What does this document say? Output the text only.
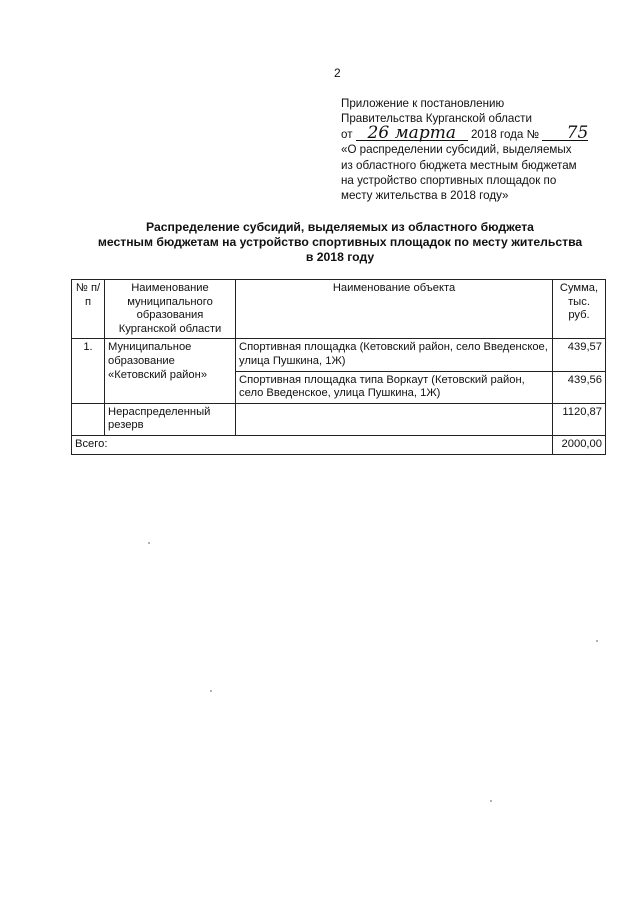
2
Приложение к постановлению
Правительства Курганской области
от 26 марта 2018 года № 75
«О распределении субсидий, выделяемых
из областного бюджета местным бюджетам
на устройство спортивных площадок по
месту жительства в 2018 году»
Распределение субсидий, выделяемых из областного бюджета
местным бюджетам на устройство спортивных площадок по месту жительства
в 2018 году
№ п/п	Наименование муниципального образования Курганской области	Наименование объекта	Сумма, тыс. руб.
1.	Муниципальное образование «Кетовский район»	Спортивная площадка (Кетовский район, село Введенское, улица Пушкина, 1Ж)	439,57
		Спортивная площадка типа Воркаут (Кетовский район, село Введенское, улица Пушкина, 1Ж)	439,56
	Нераспределенный резерв		1120,87
Всего:			2000,00
